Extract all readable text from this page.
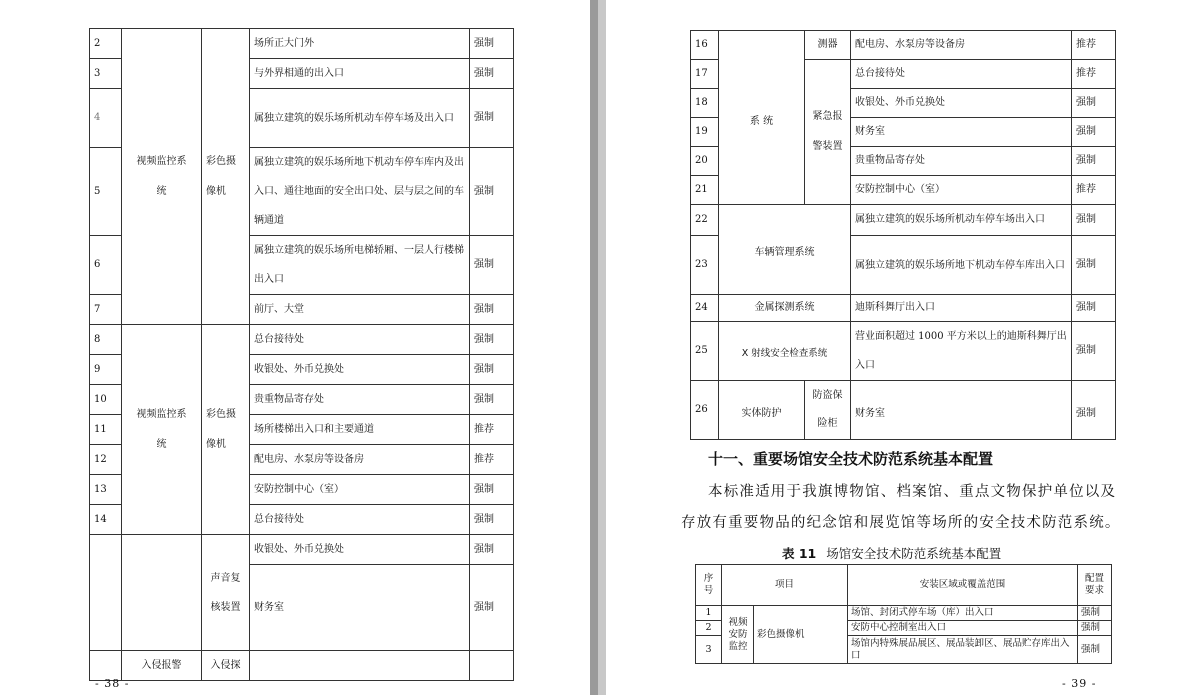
2	视频监控系统	彩色摄像机	场所正大门外	强制
3			与外界相通的出入口	强制
4			属独立建筑的娱乐场所机动车停车场及出入口	强制
5			属独立建筑的娱乐场所地下机动车停车库内及出入口、通往地面的安全出口处、层与层之间的车辆通道	强制
6			属独立建筑的娱乐场所电梯轿厢、一层人行楼梯出入口	强制
7			前厅、大堂	强制
8	视频监控系统	彩色摄像机	总台接待处	强制
9			收银处、外币兑换处	强制
10			贵重物品寄存处	强制
11			场所楼梯出入口和主要通道	推荐
12			配电房、水泵房等设备房	推荐
13			安防控制中心（室）	强制
14			总台接待处	强制

		声音复核装置	收银处、外币兑换处	强制
			财务室	强制
	入侵报警	入侵探		
- 38 -
16	系 统	测器	配电房、水泵房等设备房	推荐
17		紧急报警装置	总台接待处	推荐
18			收银处、外币兑换处	强制
19			财务室	强制
20			贵重物品寄存处	强制
21			安防控制中心（室）	推荐
22	车辆管理系统		属独立建筑的娱乐场所机动车停车场出入口	强制
23			属独立建筑的娱乐场所地下机动车停车库出入口	强制
24	金属探测系统		迪斯科舞厅出入口	强制
25	X 射线安全检查系统		营业面积超过 1000 平方米以上的迪斯科舞厅出入口	强制
26	实体防护	防盗保险柜	财务室	强制
十一、重要场馆安全技术防范系统基本配置
本标准适用于我旗博物馆、档案馆、重点文物保护单位以及
存放有重要物品的纪念馆和展览馆等场所的安全技术防范系统。
表 11 场馆安全技术防范系统基本配置
序号	项目		安装区域或覆盖范围	配置要求

1	视频安防监控	彩色摄像机	场馆、封闭式停车场（库）出入口	强制
2			安防中心控制室出入口	强制
3			场馆内特殊展品展区、展品装卸区、展品贮存库出入口	强制
- 39 -
